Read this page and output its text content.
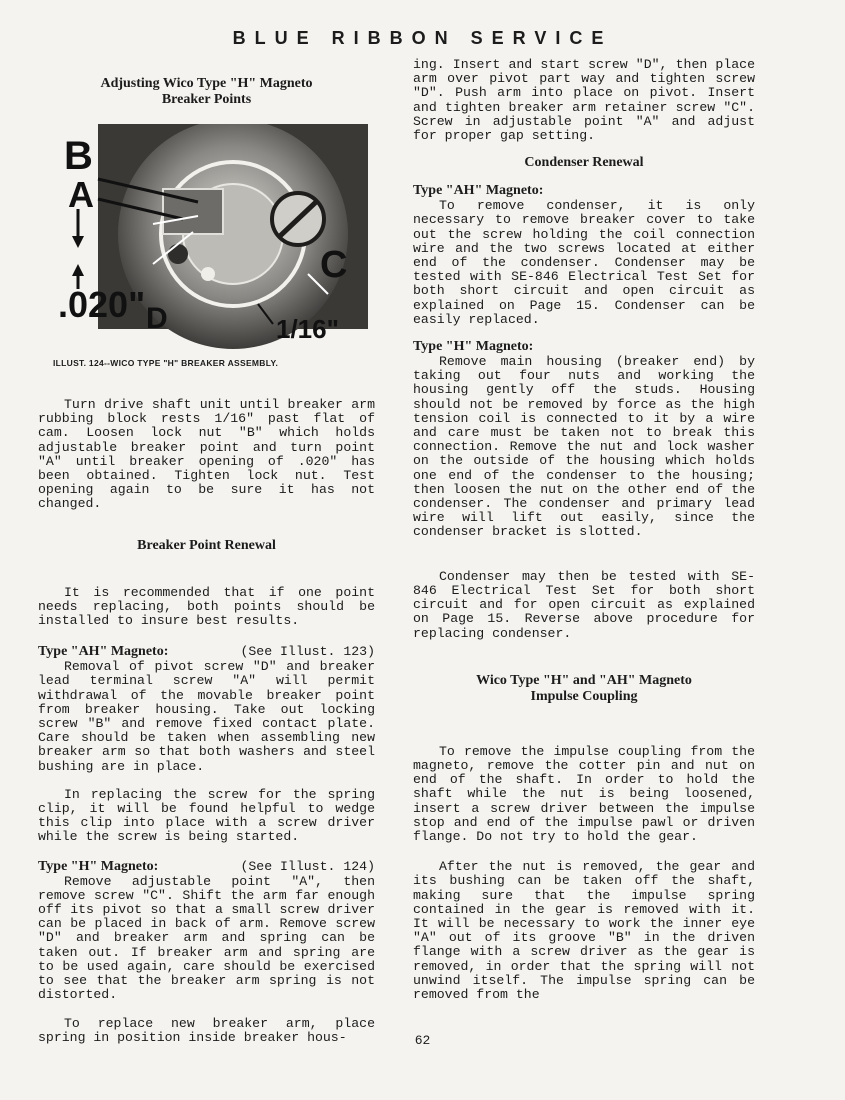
BLUE RIBBON SERVICE
Adjusting Wico Type "H" Magneto
Breaker Points
B
A
C
.020" D	1/16"
ILLUST. 124--WICO TYPE "H" BREAKER ASSEMBLY.

Turn drive shaft unit until breaker arm rubbing block rests 1/16" past flat of cam. Loosen lock nut "B" which holds adjustable breaker point and turn point "A" until breaker opening of .020" has been obtained. Tighten lock nut. Test opening again to be sure it has not changed.

Breaker Point Renewal

It is recommended that if one point needs replacing, both points should be installed to insure best results.

Type "AH" Magneto:	(See Illust. 123)

Removal of pivot screw "D" and breaker lead terminal screw "A" will permit withdrawal of the movable breaker point from breaker housing. Take out locking screw "B" and remove fixed contact plate. Care should be taken when assembling new breaker arm so that both washers and steel bushing are in place.

In replacing the screw for the spring clip, it will be found helpful to wedge this clip into place with a screw driver while the screw is being started.

Type "H" Magneto:	(See Illust. 124)

Remove adjustable point "A", then remove screw "C". Shift the arm far enough off its pivot so that a small screw driver can be placed in back of arm. Remove screw "D" and breaker arm and spring can be taken out. If breaker arm and spring are to be used again, care should be exercised to see that the breaker arm spring is not distorted.

To replace new breaker arm, place spring in position inside breaker hous-

ing. Insert and start screw "D", then place arm over pivot part way and tighten screw "D". Push arm into place on pivot. Insert and tighten breaker arm retainer screw "C". Screw in adjustable point "A" and adjust for proper gap setting.

Condenser Renewal
Type "AH" Magneto:

To remove condenser, it is only necessary to remove breaker cover to take out the screw holding the coil connection wire and the two screws located at either end of the condenser. Condenser may be tested with SE-846 Electrical Test Set for both short circuit and open circuit as explained on Page 15. Condenser can be easily replaced.

Type "H" Magneto:

Remove main housing (breaker end) by taking out four nuts and working the housing gently off the studs. Housing should not be removed by force as the high tension coil is connected to it by a wire and care must be taken not to break this connection. Remove the nut and lock washer on the outside of the housing which holds one end of the condenser to the housing; then loosen the nut on the other end of the condenser. The condenser and primary lead wire will lift out easily, since the condenser bracket is slotted.

Condenser may then be tested with SE-846 Electrical Test Set for both short circuit and for open circuit as explained on Page 15. Reverse above procedure for replacing condenser.

Wico Type "H" and "AH" Magneto
Impulse Coupling

To remove the impulse coupling from the magneto, remove the cotter pin and nut on end of the shaft. In order to hold the shaft while the nut is being loosened, insert a screw driver between the impulse stop and end of the impulse pawl or driven flange. Do not try to hold the gear.

After the nut is removed, the gear and its bushing can be taken off the shaft, making sure that the impulse spring contained in the gear is removed with it. It will be necessary to work the inner eye "A" out of its groove "B" in the driven flange with a screw driver as the gear is removed, in order that the spring will not unwind itself. The impulse spring can be removed from the

62
